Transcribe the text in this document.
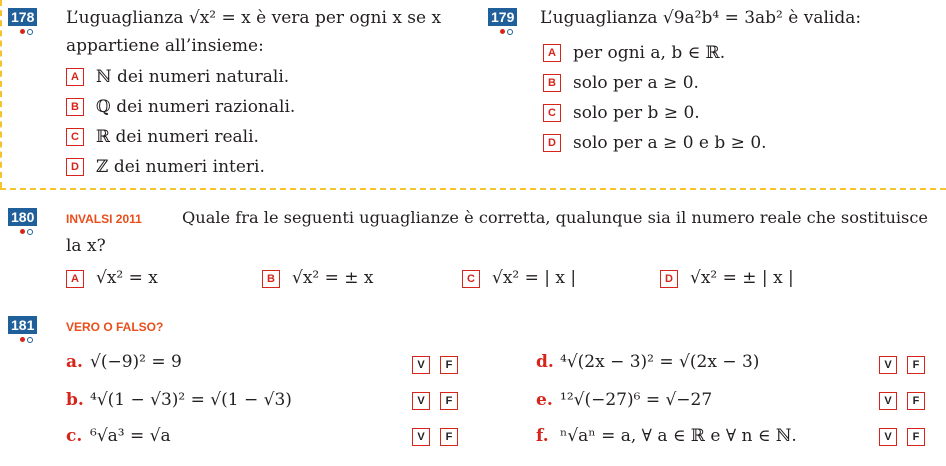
178 L’uguaglianza √x² = x è vera per ogni x se x
appartiene all’insieme:
A ℕ dei numeri naturali.
B ℚ dei numeri razionali.
C ℝ dei numeri reali.
D ℤ dei numeri interi.
179 L’uguaglianza √9a²b⁴ = 3ab² è valida:
A per ogni a, b ∈ ℝ.
B solo per a ≥ 0.
C solo per b ≥ 0.
D solo per a ≥ 0 e b ≥ 0.
180	INVALSI 2011 Quale fra le seguenti uguaglianze è corretta, qualunque sia il numero reale che sostituisce
la x?
A √x² = x	B √x² = ± x	C √x² = | x |	D √x² = ± | x |
181	VERO O FALSO?
a. √(−9)² = 9	V	F
b. ⁴√(1 − √3)² = √(1 − √3)	V	F
c. ⁶√a³ = √a	V	F
d. ⁴√(2x − 3)² = √(2x − 3)	V	F
e. ¹²√(−27)⁶ = √−27	V	F
f. ⁿ√aⁿ = a, ∀ a ∈ ℝ e ∀ n ∈ ℕ.	V	F
